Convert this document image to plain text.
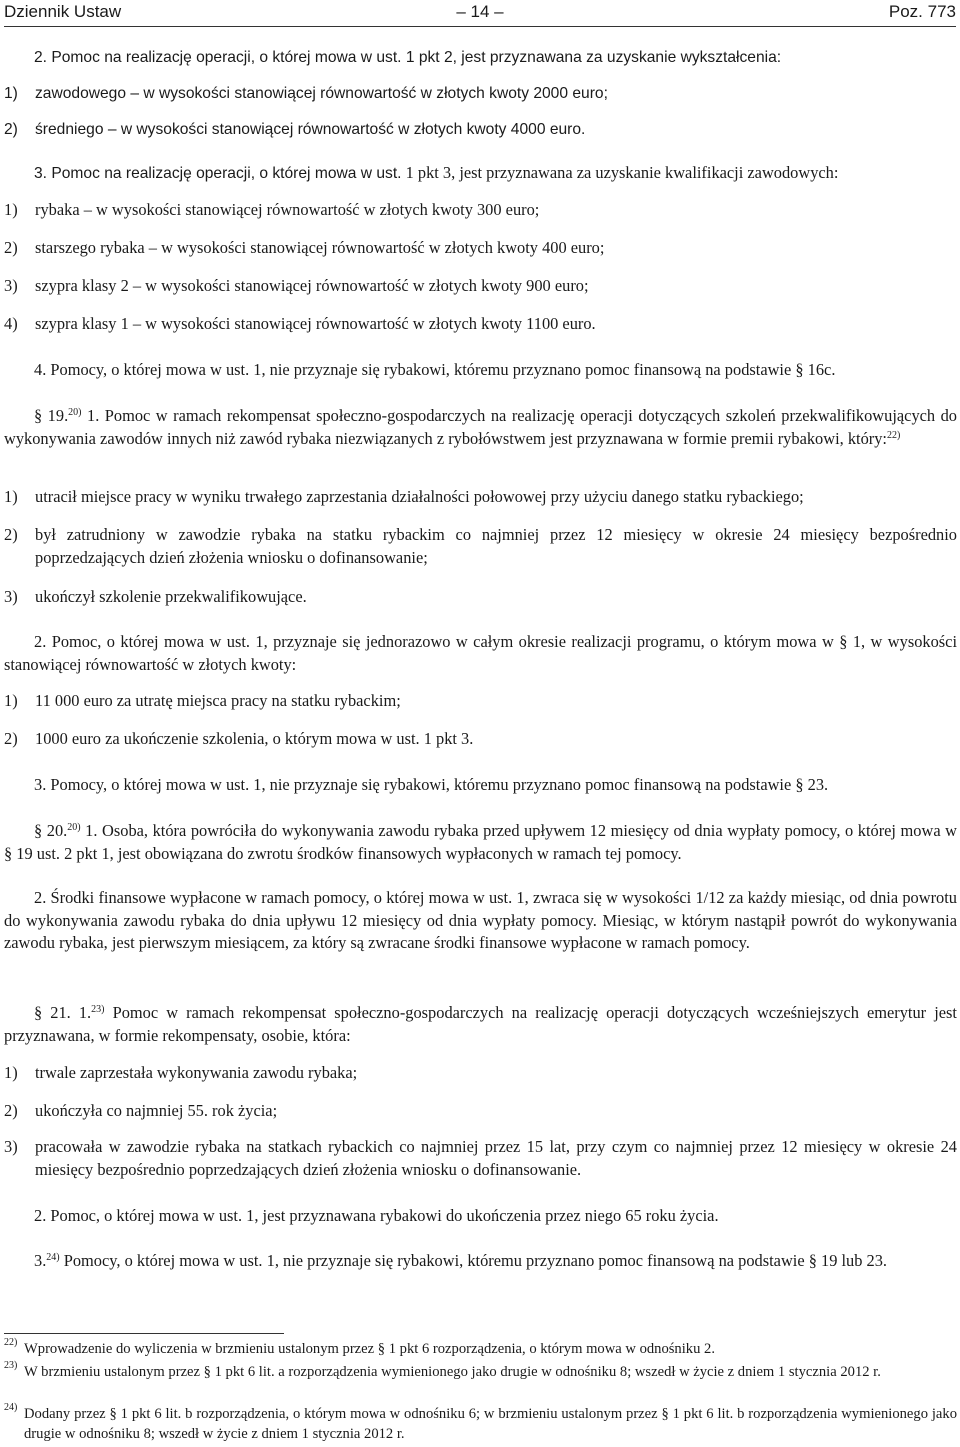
Dziennik Ustaw	– 14 –	Poz. 773

2. Pomoc na realizację operacji, o której mowa w ust. 1 pkt 2, jest przyznawana za uzyskanie wykształcenia:

1) zawodowego – w wysokości stanowiącej równowartość w złotych kwoty 2000 euro;
2) średniego – w wysokości stanowiącej równowartość w złotych kwoty 4000 euro.

3. Pomoc na realizację operacji, o której mowa w ust. 1 pkt 3, jest przyznawana za uzyskanie kwalifikacji zawodowych:

1) rybaka – w wysokości stanowiącej równowartość w złotych kwoty 300 euro;
2) starszego rybaka – w wysokości stanowiącej równowartość w złotych kwoty 400 euro;
3) szypra klasy 2 – w wysokości stanowiącej równowartość w złotych kwoty 900 euro;
4) szypra klasy 1 – w wysokości stanowiącej równowartość w złotych kwoty 1100 euro.

4. Pomocy, o której mowa w ust. 1, nie przyznaje się rybakowi, któremu przyznano pomoc finansową na podstawie § 16c.

§ 19.$^{20)}$ 1. Pomoc w ramach rekompensat społeczno-gospodarczych na realizację operacji dotyczących szkoleń przekwalifikowujących do wykonywania zawodów innych niż zawód rybaka niezwiązanych z rybołówstwem jest przyznawana w formie premii rybakowi, który:$^{22)}$

1) utracił miejsce pracy w wyniku trwałego zaprzestania działalności połowowej przy użyciu danego statku rybackiego;
2) był zatrudniony w zawodzie rybaka na statku rybackim co najmniej przez 12 miesięcy w okresie 24 miesięcy bezpośrednio poprzedzających dzień złożenia wniosku o dofinansowanie;
3) ukończył szkolenie przekwalifikowujące.

2. Pomoc, o której mowa w ust. 1, przyznaje się jednorazowo w całym okresie realizacji programu, o którym mowa w § 1, w wysokości stanowiącej równowartość w złotych kwoty:

1) 11 000 euro za utratę miejsca pracy na statku rybackim;
2) 1000 euro za ukończenie szkolenia, o którym mowa w ust. 1 pkt 3.

3. Pomocy, o której mowa w ust. 1, nie przyznaje się rybakowi, któremu przyznano pomoc finansową na podstawie § 23.

§ 20.$^{20)}$ 1. Osoba, która powróciła do wykonywania zawodu rybaka przed upływem 12 miesięcy od dnia wypłaty pomocy, o której mowa w § 19 ust. 2 pkt 1, jest obowiązana do zwrotu środków finansowych wypłaconych w ramach tej pomocy.

2. Środki finansowe wypłacone w ramach pomocy, o której mowa w ust. 1, zwraca się w wysokości 1/12 za każdy miesiąc, od dnia powrotu do wykonywania zawodu rybaka do dnia upływu 12 miesięcy od dnia wypłaty pomocy. Miesiąc, w którym nastąpił powrót do wykonywania zawodu rybaka, jest pierwszym miesiącem, za który są zwracane środki finansowe wypłacone w ramach pomocy.

§ 21. 1.$^{23)}$ Pomoc w ramach rekompensat społeczno-gospodarczych na realizację operacji dotyczących wcześniejszych emerytur jest przyznawana, w formie rekompensaty, osobie, która:

1) trwale zaprzestała wykonywania zawodu rybaka;
2) ukończyła co najmniej 55. rok życia;
3) pracowała w zawodzie rybaka na statkach rybackich co najmniej przez 15 lat, przy czym co najmniej przez 12 miesięcy w okresie 24 miesięcy bezpośrednio poprzedzających dzień złożenia wniosku o dofinansowanie.

2. Pomoc, o której mowa w ust. 1, jest przyznawana rybakowi do ukończenia przez niego 65 roku życia.

3.$^{24)}$ Pomocy, o której mowa w ust. 1, nie przyznaje się rybakowi, któremu przyznano pomoc finansową na podstawie § 19 lub 23.

22) Wprowadzenie do wyliczenia w brzmieniu ustalonym przez § 1 pkt 6 rozporządzenia, o którym mowa w odnośniku 2.
23) W brzmieniu ustalonym przez § 1 pkt 6 lit. a rozporządzenia wymienionego jako drugie w odnośniku 8; wszedł w życie z dniem 1 stycznia 2012 r.
24) Dodany przez § 1 pkt 6 lit. b rozporządzenia, o którym mowa w odnośniku 6; w brzmieniu ustalonym przez § 1 pkt 6 lit. b rozporządzenia wymienionego jako drugie w odnośniku 8; wszedł w życie z dniem 1 stycznia 2012 r.
